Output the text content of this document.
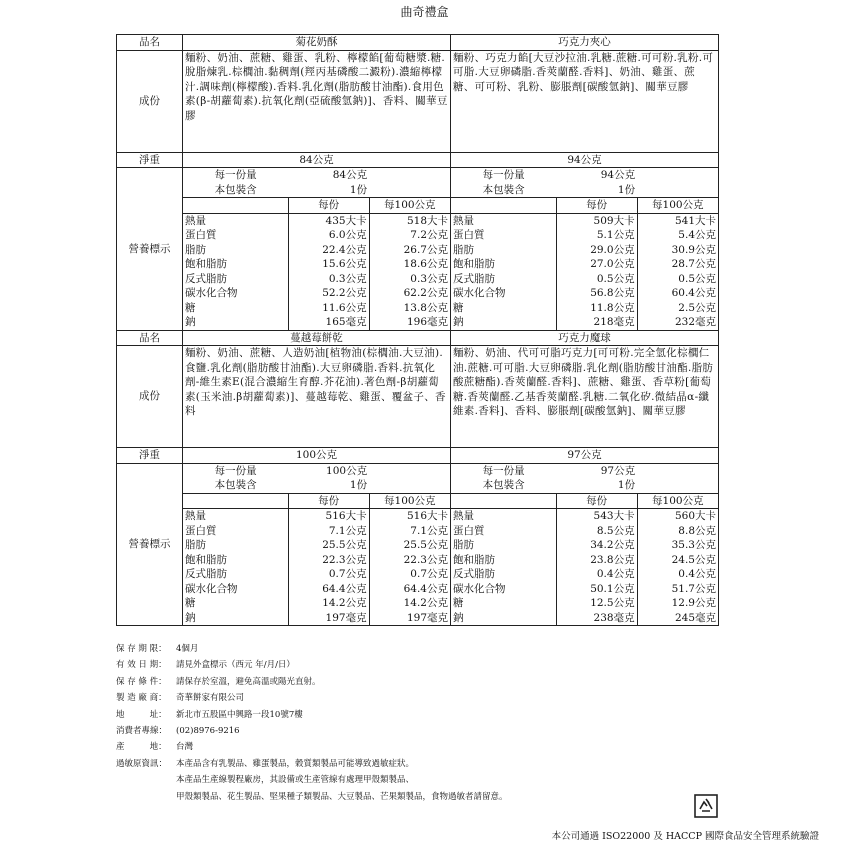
曲奇禮盒
品名	菊花奶酥	巧克力夾心
成份	麵粉、奶油、蔗糖、雞蛋、乳粉、檸檬餡[葡萄糖漿.糖.脫脂煉乳.棕櫚油.黏稠劑(羥丙基磷酸二澱粉).濃縮檸檬汁.調味劑(檸檬酸).香料.乳化劑(脂肪酸甘油酯).食用色素(β-胡蘿蔔素).抗氧化劑(亞硫酸氫鈉)]、香料、關華豆膠	麵粉、巧克力餡[大豆沙拉油.乳糖.蔗糖.可可粉.乳粉.可可脂.大豆卵磷脂.香莢蘭醛.香料]、奶油、雞蛋、蔗糖、可可粉、乳粉、膨脹劑[碳酸氫鈉]、關華豆膠
淨重	84公克	94公克
營養標示	
每一份量	84公克	
本包裝含	1份	
	每份	每100公克
熱量	435大卡	518大卡
蛋白質	6.0公克	7.2公克
脂肪	22.4公克	26.7公克
飽和脂肪	15.6公克	18.6公克
反式脂肪	0.3公克	0.3公克
碳水化合物	52.2公克	62.2公克
糖	11.6公克	13.8公克
鈉	165毫克	196毫克

每一份量	94公克	
本包裝含	1份	
	每份	每100公克
熱量	509大卡	541大卡
蛋白質	5.1公克	5.4公克
脂肪	29.0公克	30.9公克
飽和脂肪	27.0公克	28.7公克
反式脂肪	0.5公克	0.5公克
碳水化合物	56.8公克	60.4公克
糖	11.8公克	2.5公克
鈉	218毫克	232毫克

品名	蔓越莓餅乾	巧克力魔球
成份	麵粉、奶油、蔗糖、人造奶油[植物油(棕櫚油.大豆油).食鹽.乳化劑(脂肪酸甘油酯).大豆卵磷脂.香料.抗氧化劑-維生素E(混合濃縮生育醇.芥花油).著色劑-β胡蘿蔔素(玉米油.β胡蘿蔔素)]、蔓越莓乾、雞蛋、覆盆子、香料	麵粉、奶油、代可可脂巧克力[可可粉.完全氫化棕櫚仁油.蔗糖.可可脂.大豆卵磷脂.乳化劑(脂肪酸甘油酯.脂肪酸蔗糖酯).香莢蘭醛.香料]、蔗糖、雞蛋、香草粉[葡萄糖.香莢蘭醛.乙基香莢蘭醛.乳糖.二氧化矽.微結晶α-纖維素.香料]、香料、膨脹劑[碳酸氫鈉]、關華豆膠
淨重	100公克	97公克
營養標示	
每一份量	100公克	
本包裝含	1份	
	每份	每100公克
熱量	516大卡	516大卡
蛋白質	7.1公克	7.1公克
脂肪	25.5公克	25.5公克
飽和脂肪	22.3公克	22.3公克
反式脂肪	0.7公克	0.7公克
碳水化合物	64.4公克	64.4公克
糖	14.2公克	14.2公克
鈉	197毫克	197毫克

每一份量	97公克	
本包裝含	1份	
	每份	每100公克
熱量	543大卡	560大卡
蛋白質	8.5公克	8.8公克
脂肪	34.2公克	35.3公克
飽和脂肪	23.8公克	24.5公克
反式脂肪	0.4公克	0.4公克
碳水化合物	50.1公克	51.7公克
糖	12.5公克	12.9公克
鈉	238毫克	245毫克
保 存 期 限：	4個月
有 效 日 期：	請見外盒標示（西元 年/月/日）
保 存 條 件：	請保存於室溫，避免高溫或陽光直射。
製 造 廠 商：	奇華餅家有限公司
地 　 　 址：	新北市五股區中興路一段10號7樓
消費者專線：	(02)8976-9216
產 　 　 地：	台灣
過敏原資訊：	本產品含有乳製品、雞蛋製品，穀質類製品可能導致過敏症狀。
本產品生產線製程廠房，其設備或生產管線有處理甲殼類製品、
甲殼類製品、花生製品、堅果種子類製品、大豆製品、芒果類製品，食物過敏者請留意。
本公司通過 ISO22000 及 HACCP 國際食品安全管理系統驗證
